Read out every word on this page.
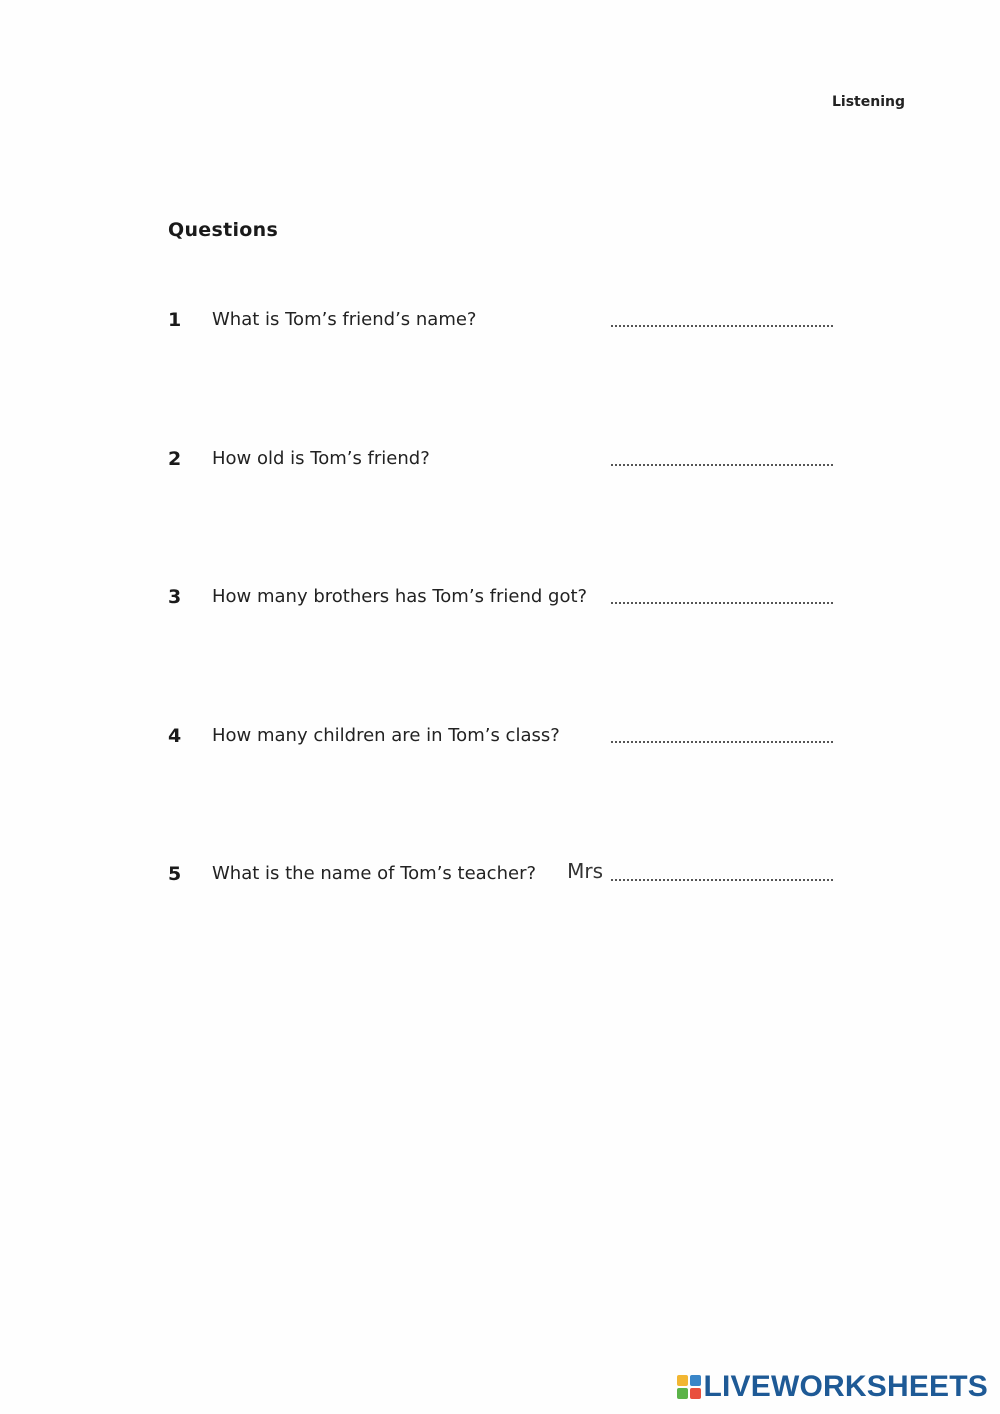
Listening
Questions
1 What is Tom’s friend’s name?
2 How old is Tom’s friend?
3 How many brothers has Tom’s friend got?
4 How many children are in Tom’s class?
5 What is the name of Tom’s teacher? Mrs
LIVEWORKSHEETS
